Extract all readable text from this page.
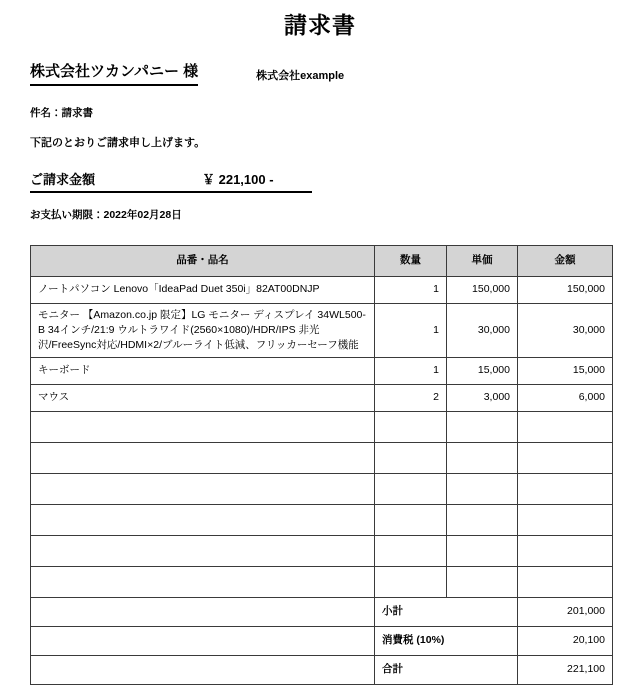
請求書
株式会社ツカンパニー 様	株式会社example
件名：請求書
下記のとおりご請求申し上げます。
ご請求金額	￥ 221,100 -
お支払い期限：2022年02月28日
品番・品名	数量	単価	金額
ノートパソコン Lenovo「IdeaPad Duet 350i」82AT00DNJP	1	150,000	150,000
モニター 【Amazon.co.jp 限定】LG モニター ディスプレイ 34WL500-B 34インチ/21:9 ウルトラワイド(2560×1080)/HDR/IPS 非光沢/FreeSync対応/HDMI×2/ブルーライト低減、フリッカーセーフ機能	1	30,000	30,000
キーボード	1	15,000	15,000
マウス	2	3,000	6,000

	小計		201,000
	消費税 (10%)		20,100
	合計		221,100
